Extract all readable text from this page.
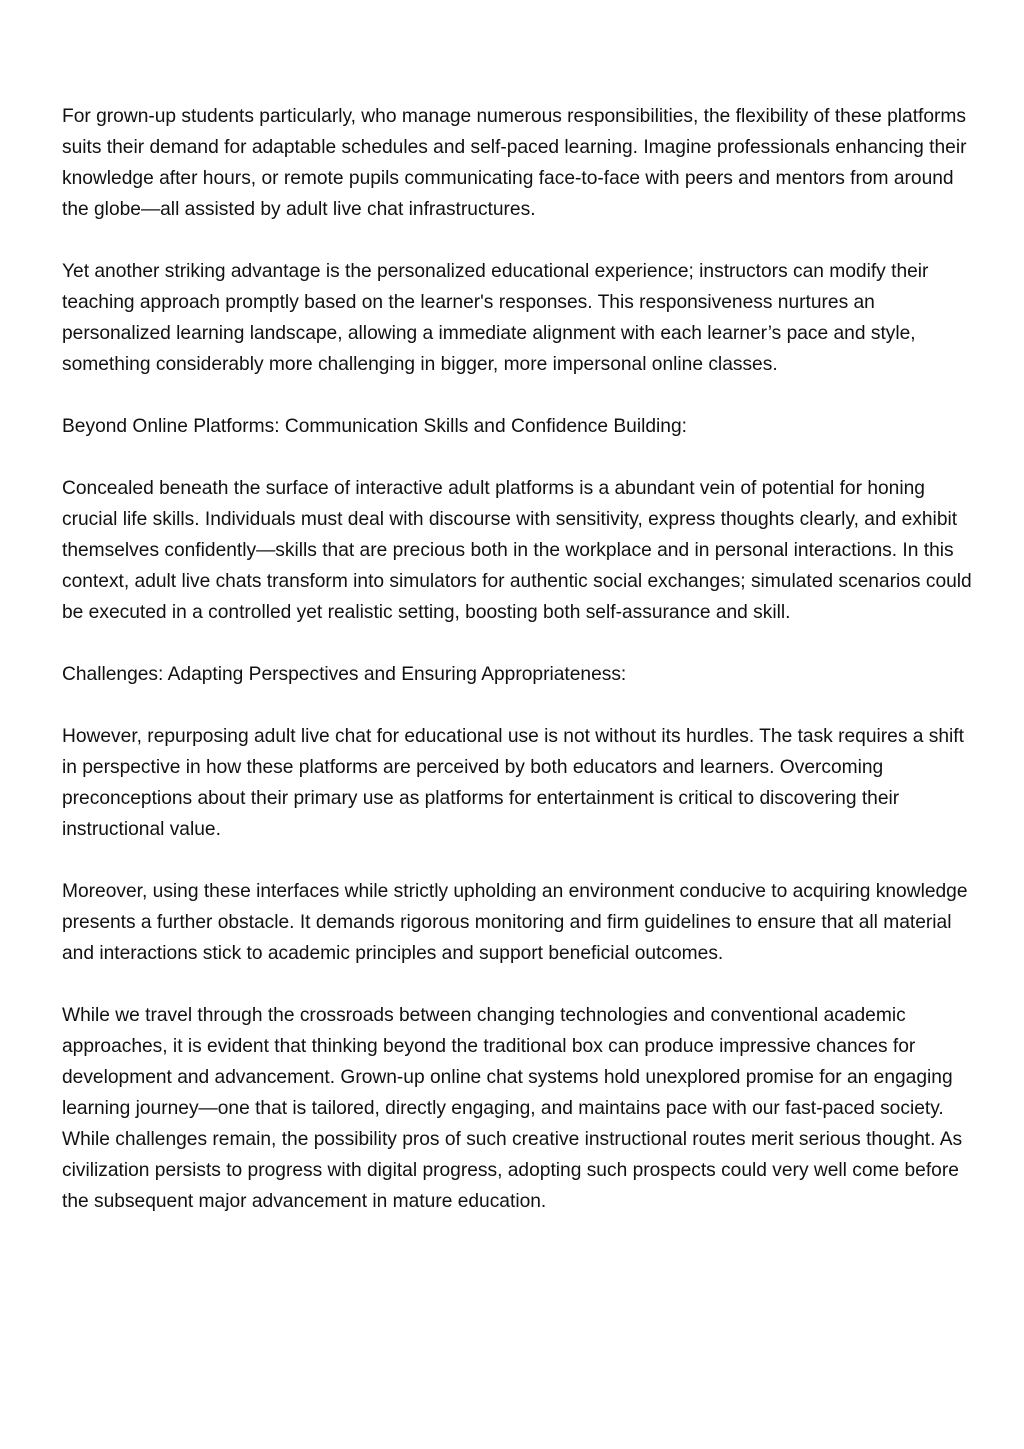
For grown-up students particularly, who manage numerous responsibilities, the flexibility of these platforms suits their demand for adaptable schedules and self-paced learning. Imagine professionals enhancing their knowledge after hours, or remote pupils communicating face-to-face with peers and mentors from around the globe—all assisted by adult live chat infrastructures.

Yet another striking advantage is the personalized educational experience; instructors can modify their teaching approach promptly based on the learner's responses. This responsiveness nurtures an personalized learning landscape, allowing a immediate alignment with each learner’s pace and style, something considerably more challenging in bigger, more impersonal online classes.

Beyond Online Platforms: Communication Skills and Confidence Building:

Concealed beneath the surface of interactive adult platforms is a abundant vein of potential for honing crucial life skills. Individuals must deal with discourse with sensitivity, express thoughts clearly, and exhibit themselves confidently—skills that are precious both in the workplace and in personal interactions. In this context, adult live chats transform into simulators for authentic social exchanges; simulated scenarios could be executed in a controlled yet realistic setting, boosting both self-assurance and skill.

Challenges: Adapting Perspectives and Ensuring Appropriateness:

However, repurposing adult live chat for educational use is not without its hurdles. The task requires a shift in perspective in how these platforms are perceived by both educators and learners. Overcoming preconceptions about their primary use as platforms for entertainment is critical to discovering their instructional value.

Moreover, using these interfaces while strictly upholding an environment conducive to acquiring knowledge presents a further obstacle. It demands rigorous monitoring and firm guidelines to ensure that all material and interactions stick to academic principles and support beneficial outcomes.

While we travel through the crossroads between changing technologies and conventional academic approaches, it is evident that thinking beyond the traditional box can produce impressive chances for development and advancement. Grown-up online chat systems hold unexplored promise for an engaging learning journey—one that is tailored, directly engaging, and maintains pace with our fast-paced society. While challenges remain, the possibility pros of such creative instructional routes merit serious thought. As civilization persists to progress with digital progress, adopting such prospects could very well come before the subsequent major advancement in mature education.
